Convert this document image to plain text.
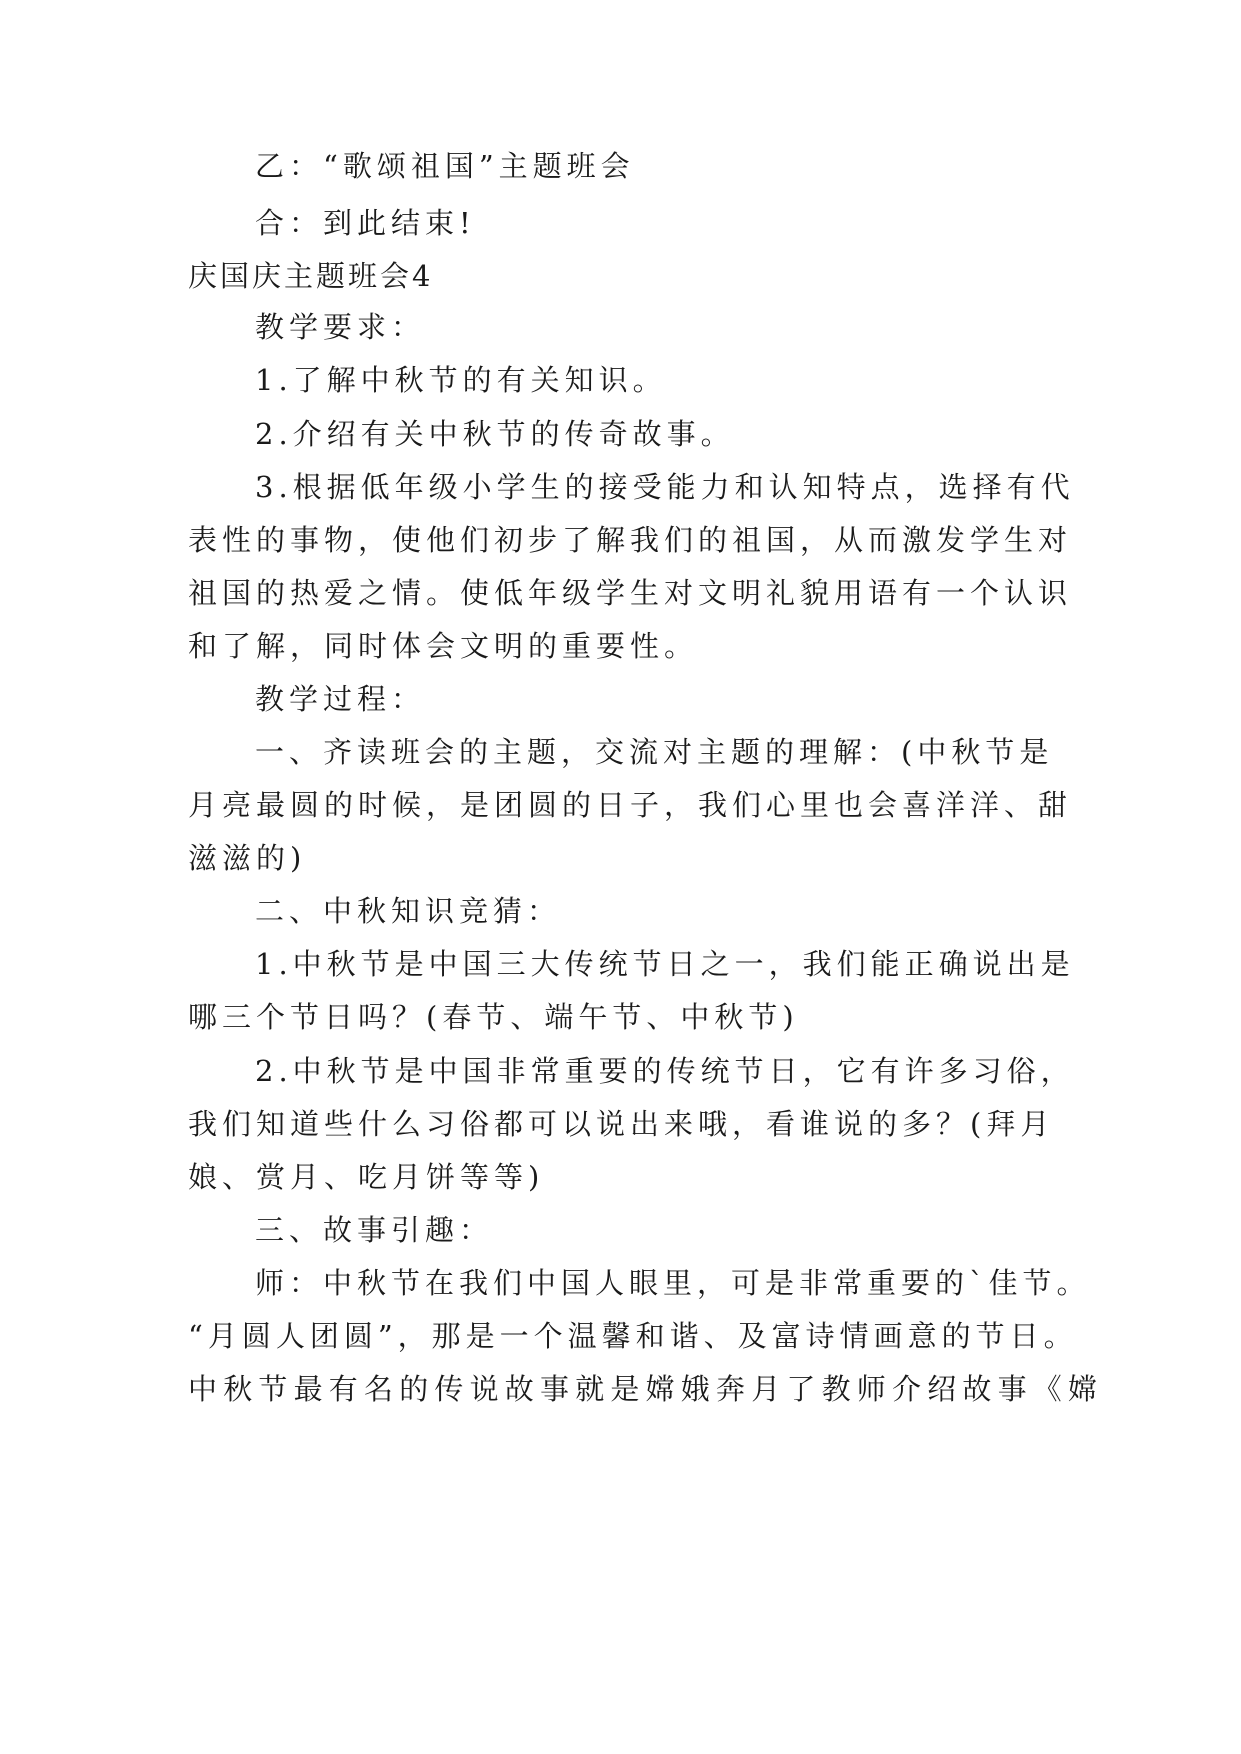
乙：“歌颂祖国”主题班会
合：到此结束!
庆国庆主题班会4
教学要求：
1.了解中秋节的有关知识。
2.介绍有关中秋节的传奇故事。
3.根据低年级小学生的接受能力和认知特点，选择有代
表性的事物，使他们初步了解我们的祖国，从而激发学生对
祖国的热爱之情。使低年级学生对文明礼貌用语有一个认识
和了解，同时体会文明的重要性。
教学过程：
一、齐读班会的主题，交流对主题的理解：(中秋节是
月亮最圆的时候，是团圆的日子，我们心里也会喜洋洋、甜
滋滋的)
二、中秋知识竞猜：
1.中秋节是中国三大传统节日之一，我们能正确说出是
哪三个节日吗？(春节、端午节、中秋节)
2.中秋节是中国非常重要的传统节日，它有许多习俗，
我们知道些什么习俗都可以说出来哦，看谁说的多？(拜月
娘、赏月、吃月饼等等)
三、故事引趣：
师：中秋节在我们中国人眼里，可是非常重要的`佳节。
“月圆人团圆”，那是一个温馨和谐、及富诗情画意的节日。
中秋节最有名的传说故事就是嫦娥奔月了教师介绍故事《嫦
